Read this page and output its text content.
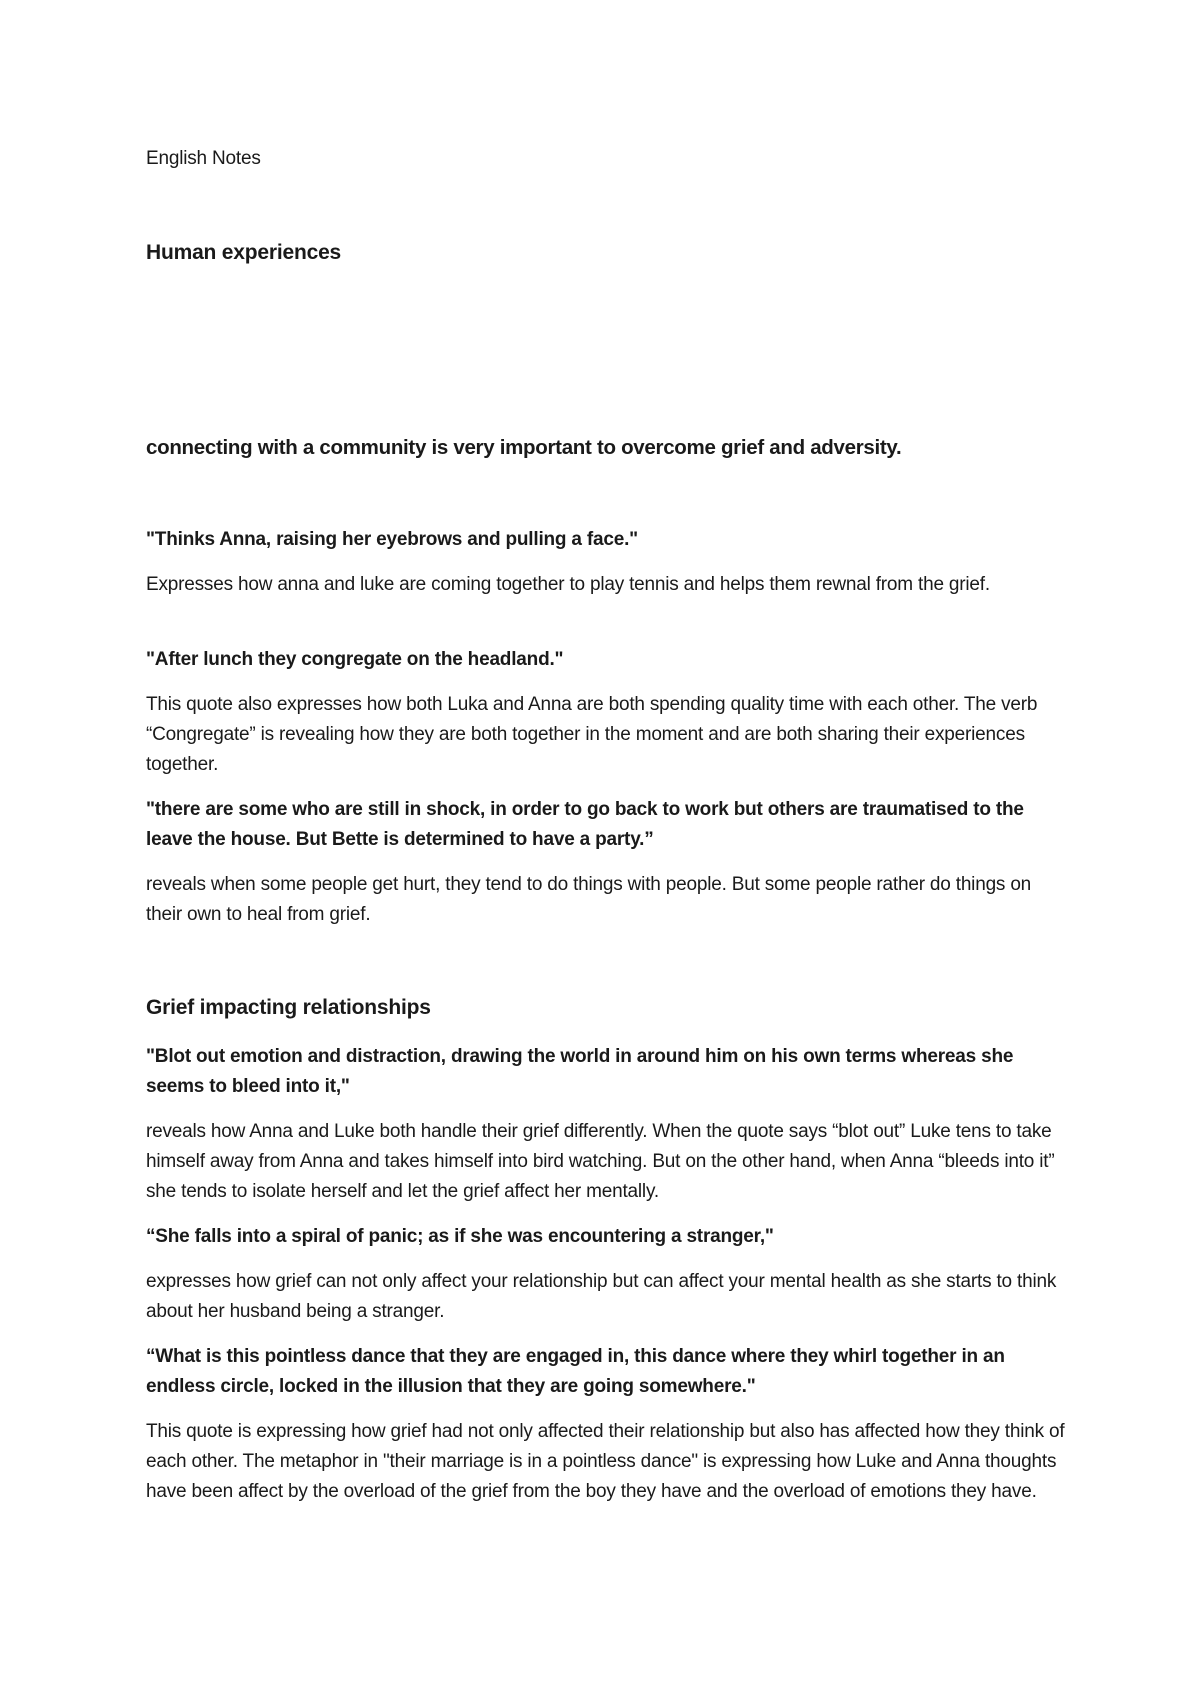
English Notes

Human experiences

connecting with a community is very important to overcome grief and adversity.

"Thinks Anna, raising her eyebrows and pulling a face."

Expresses how anna and luke are coming together to play tennis and helps them rewnal from the grief.

"After lunch they congregate on the headland."

This quote also expresses how both Luka and Anna are both spending quality time with each other. The verb “Congregate” is revealing how they are both together in the moment and are both sharing their experiences together.

"there are some who are still in shock, in order to go back to work but others are traumatised to the leave the house. But Bette is determined to have a party.”

reveals when some people get hurt, they tend to do things with people. But some people rather do things on their own to heal from grief.

Grief impacting relationships

"Blot out emotion and distraction, drawing the world in around him on his own terms whereas she seems to bleed into it,"

reveals how Anna and Luke both handle their grief differently. When the quote says “blot out” Luke tens to take himself away from Anna and takes himself into bird watching. But on the other hand, when Anna “bleeds into it” she tends to isolate herself and let the grief affect her mentally.

“She falls into a spiral of panic; as if she was encountering a stranger,"

expresses how grief can not only affect your relationship but can affect your mental health as she starts to think about her husband being a stranger.

“What is this pointless dance that they are engaged in, this dance where they whirl together in an endless circle, locked in the illusion that they are going somewhere."

This quote is expressing how grief had not only affected their relationship but also has affected how they think of each other. The metaphor in "their marriage is in a pointless dance" is expressing how Luke and Anna thoughts have been affect by the overload of the grief from the boy they have and the overload of emotions they have.
